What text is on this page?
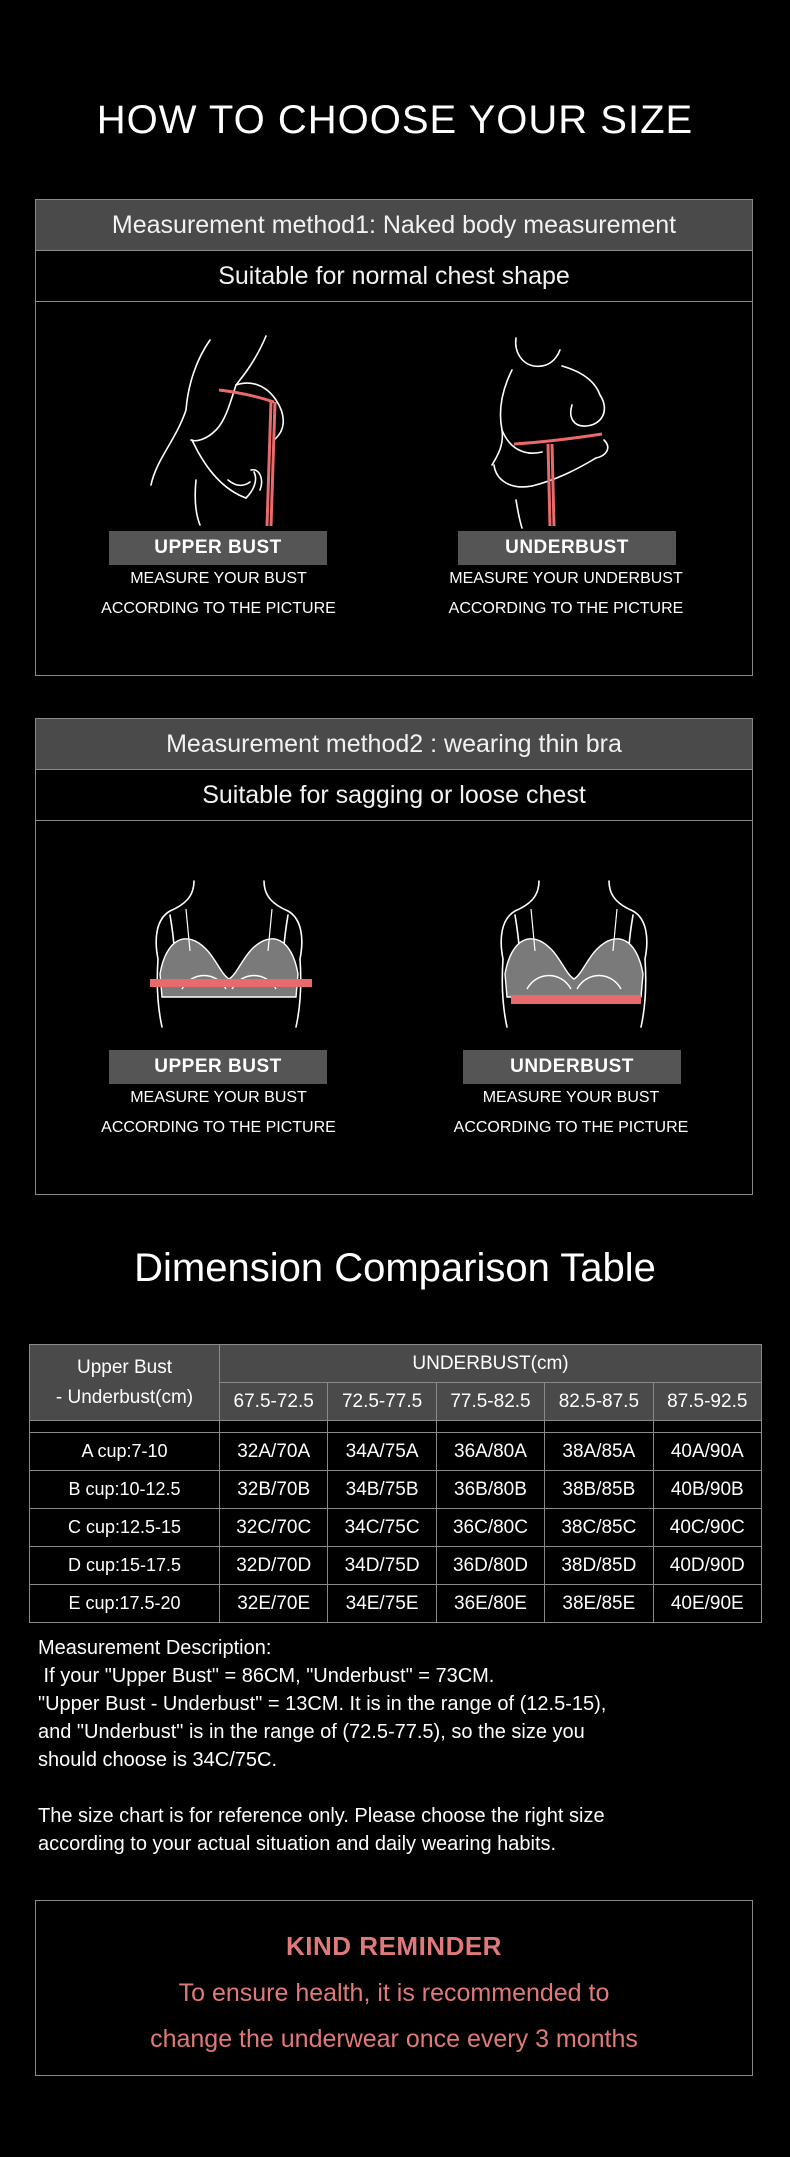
HOW TO CHOOSE YOUR SIZE
Measurement method1: Naked body measurement
Suitable for normal chest shape
UPPER BUST
MEASURE YOUR BUST
ACCORDING TO THE PICTURE
UNDERBUST
MEASURE YOUR UNDERBUST
ACCORDING TO THE PICTURE
Measurement method2 : wearing thin bra
Suitable for sagging or loose chest
UPPER BUST
MEASURE YOUR BUST
ACCORDING TO THE PICTURE
UNDERBUST
MEASURE YOUR BUST
ACCORDING TO THE PICTURE
Dimension Comparison Table
Upper Bust
- Underbust(cm)	UNDERBUST(cm)				
	67.5-72.5	72.5-77.5	77.5-82.5	82.5-87.5	87.5-92.5

A cup:7-10	32A/70A	34A/75A	36A/80A	38A/85A	40A/90A
B cup:10-12.5	32B/70B	34B/75B	36B/80B	38B/85B	40B/90B
C cup:12.5-15	32C/70C	34C/75C	36C/80C	38C/85C	40C/90C
D cup:15-17.5	32D/70D	34D/75D	36D/80D	38D/85D	40D/90D
E cup:17.5-20	32E/70E	34E/75E	36E/80E	38E/85E	40E/90E

Measurement Description:

If your "Upper Bust" = 86CM, "Underbust" = 73CM.

"Upper Bust - Underbust" = 13CM. It is in the range of (12.5-15),

and "Underbust" is in the range of (72.5-77.5), so the size you

should choose is 34C/75C.

The size chart is for reference only. Please choose the right size

according to your actual situation and daily wearing habits.

KIND REMINDER
To ensure health, it is recommended to
change the underwear once every 3 months
